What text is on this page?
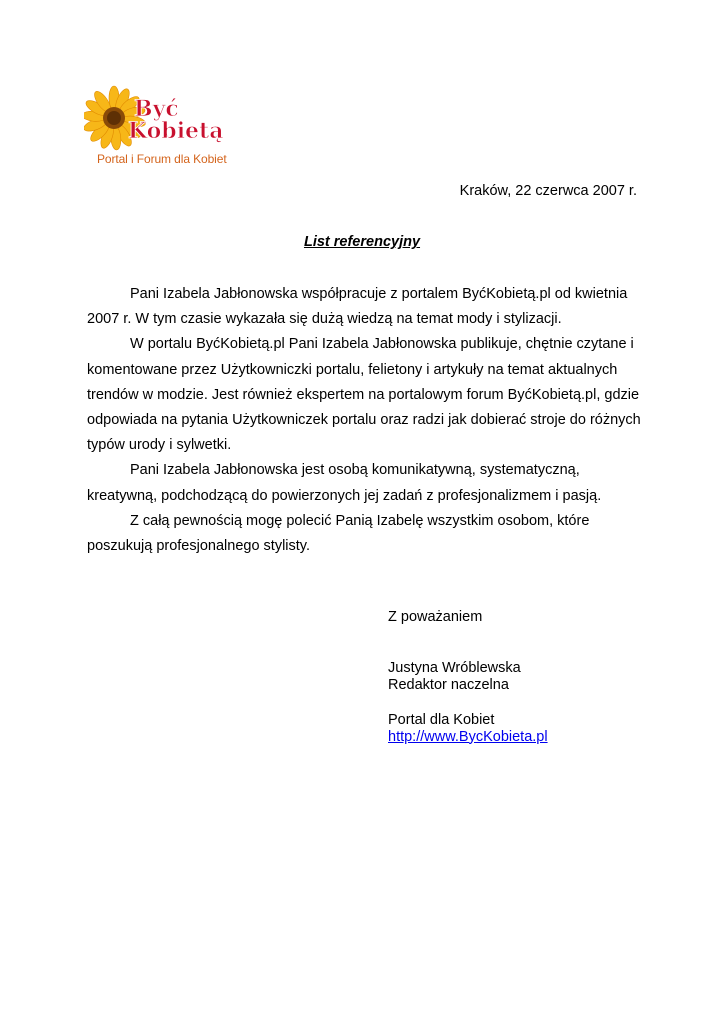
Być
Kobietą
Portal i Forum dla Kobiet
Kraków, 22 czerwca 2007 r.
List referencyjny

Pani Izabela Jabłonowska współpracuje z portalem ByćKobietą.pl od kwietnia 2007 r. W tym czasie wykazała się dużą wiedzą na temat mody i stylizacji.

W portalu ByćKobietą.pl Pani Izabela Jabłonowska publikuje, chętnie czytane i komentowane przez Użytkowniczki portalu, felietony i artykuły na temat aktualnych trendów w modzie. Jest również ekspertem na portalowym forum ByćKobietą.pl, gdzie odpowiada na pytania Użytkowniczek portalu oraz radzi jak dobierać stroje do różnych typów urody i sylwetki.

Pani Izabela Jabłonowska jest osobą komunikatywną, systematyczną, kreatywną, podchodzącą do powierzonych jej zadań z profesjonalizmem i pasją.

Z całą pewnością mogę polecić Panią Izabelę wszystkim osobom, które poszukują profesjonalnego stylisty.

Z poważaniem
Justyna Wróblewska
Redaktor naczelna
Portal dla Kobiet
http://www.BycKobieta.pl
